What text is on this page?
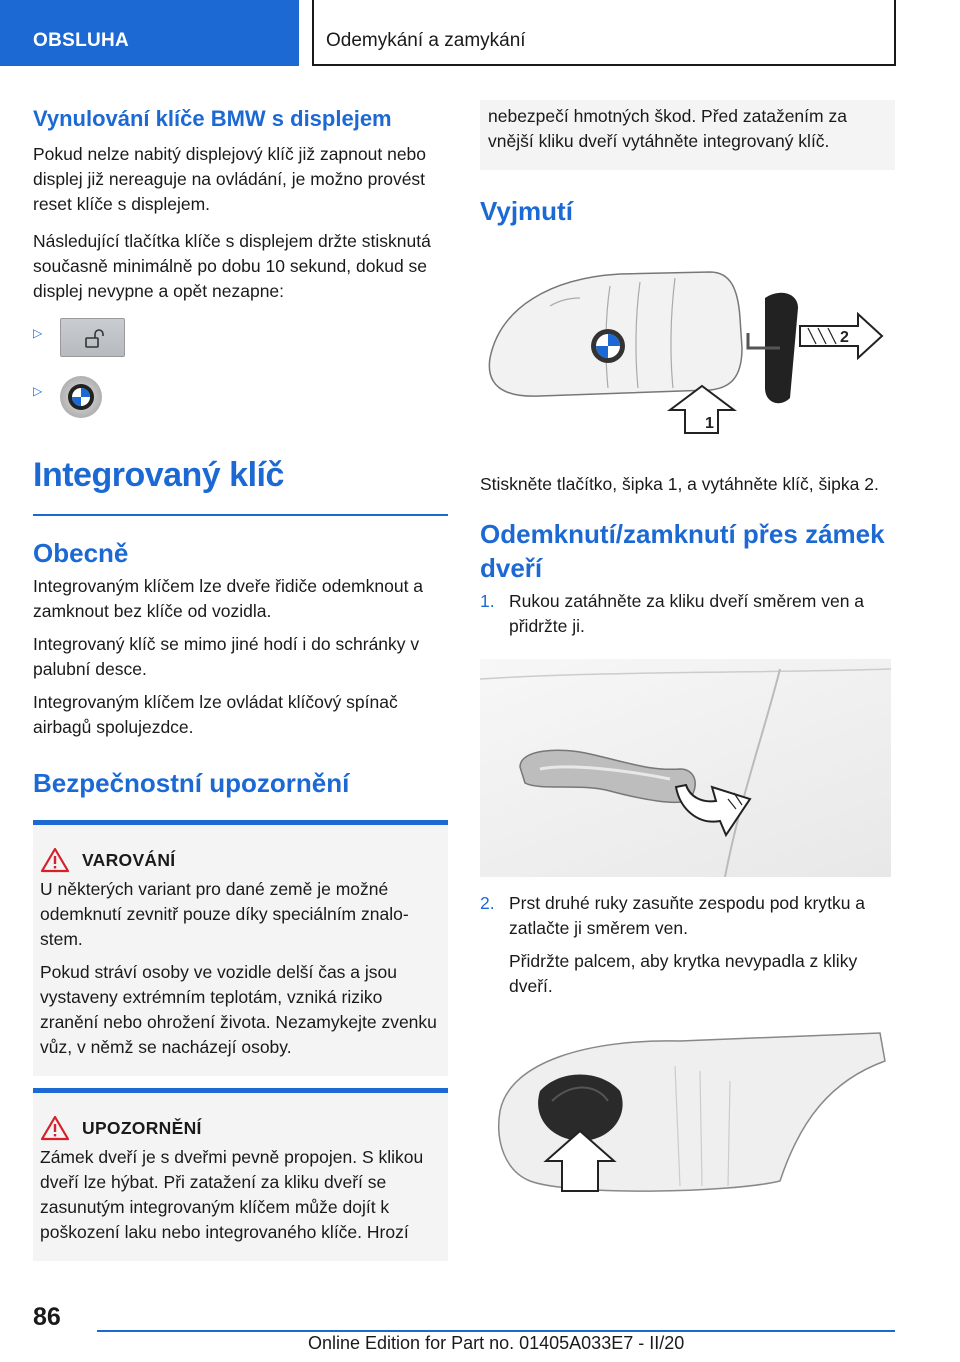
OBSLUHA	Odemykání a zamykání
Vynulování klíče BMW s displejem

Pokud nelze nabitý displejový klíč již zapnout nebo displej již nereaguje na ovládání, je možno provést reset klíče s displejem.

Následující tlačítka klíče s displejem držte stisknutá současně minimálně po dobu 10 sekund, dokud se displej nevypne a opět nezapne:

▷
▷
Integrovaný klíč
Obecně

Integrovaným klíčem lze dveře řidiče odemknout a zamknout bez klíče od vozidla.

Integrovaný klíč se mimo jiné hodí i do schránky v palubní desce.

Integrovaným klíčem lze ovládat klíčový spínač airbagů spolujezdce.

Bezpečnostní upozornění
VAROVÁNÍ

U některých variant pro dané země je možné odemknutí zevnitř pouze díky speciálním znalostem.

Pokud stráví osoby ve vozidle delší čas a jsou vystaveny extrémním teplotám, vzniká riziko zranění nebo ohrožení života. Nezamykejte zvenku vůz, v němž se nacházejí osoby.

UPOZORNĚNÍ

Zámek dveří je s dveřmi pevně propojen. S klikou dveří lze hýbat. Při zatažení za kliku dveří se zasunutým integrovaným klíčem může dojít k poškození laku nebo integrovaného klíče. Hrozí

nebezpečí hmotných škod. Před zatažením za vnější kliku dveří vytáhněte integrovaný klíč.

Vyjmutí
1
2

Stiskněte tlačítko, šipka 1, a vytáhněte klíč, šipka 2.

Odemknutí/zamknutí přes zámek dveří
1. Rukou zatáhněte za kliku dveří směrem ven a přidržte ji.

2. Prst druhé ruky zasuňte zespodu pod krytku a zatlačte ji směrem ven.

Přidržte palcem, aby krytka nevypadla z kliky dveří.

86
Online Edition for Part no. 01405A033E7 - II/20
